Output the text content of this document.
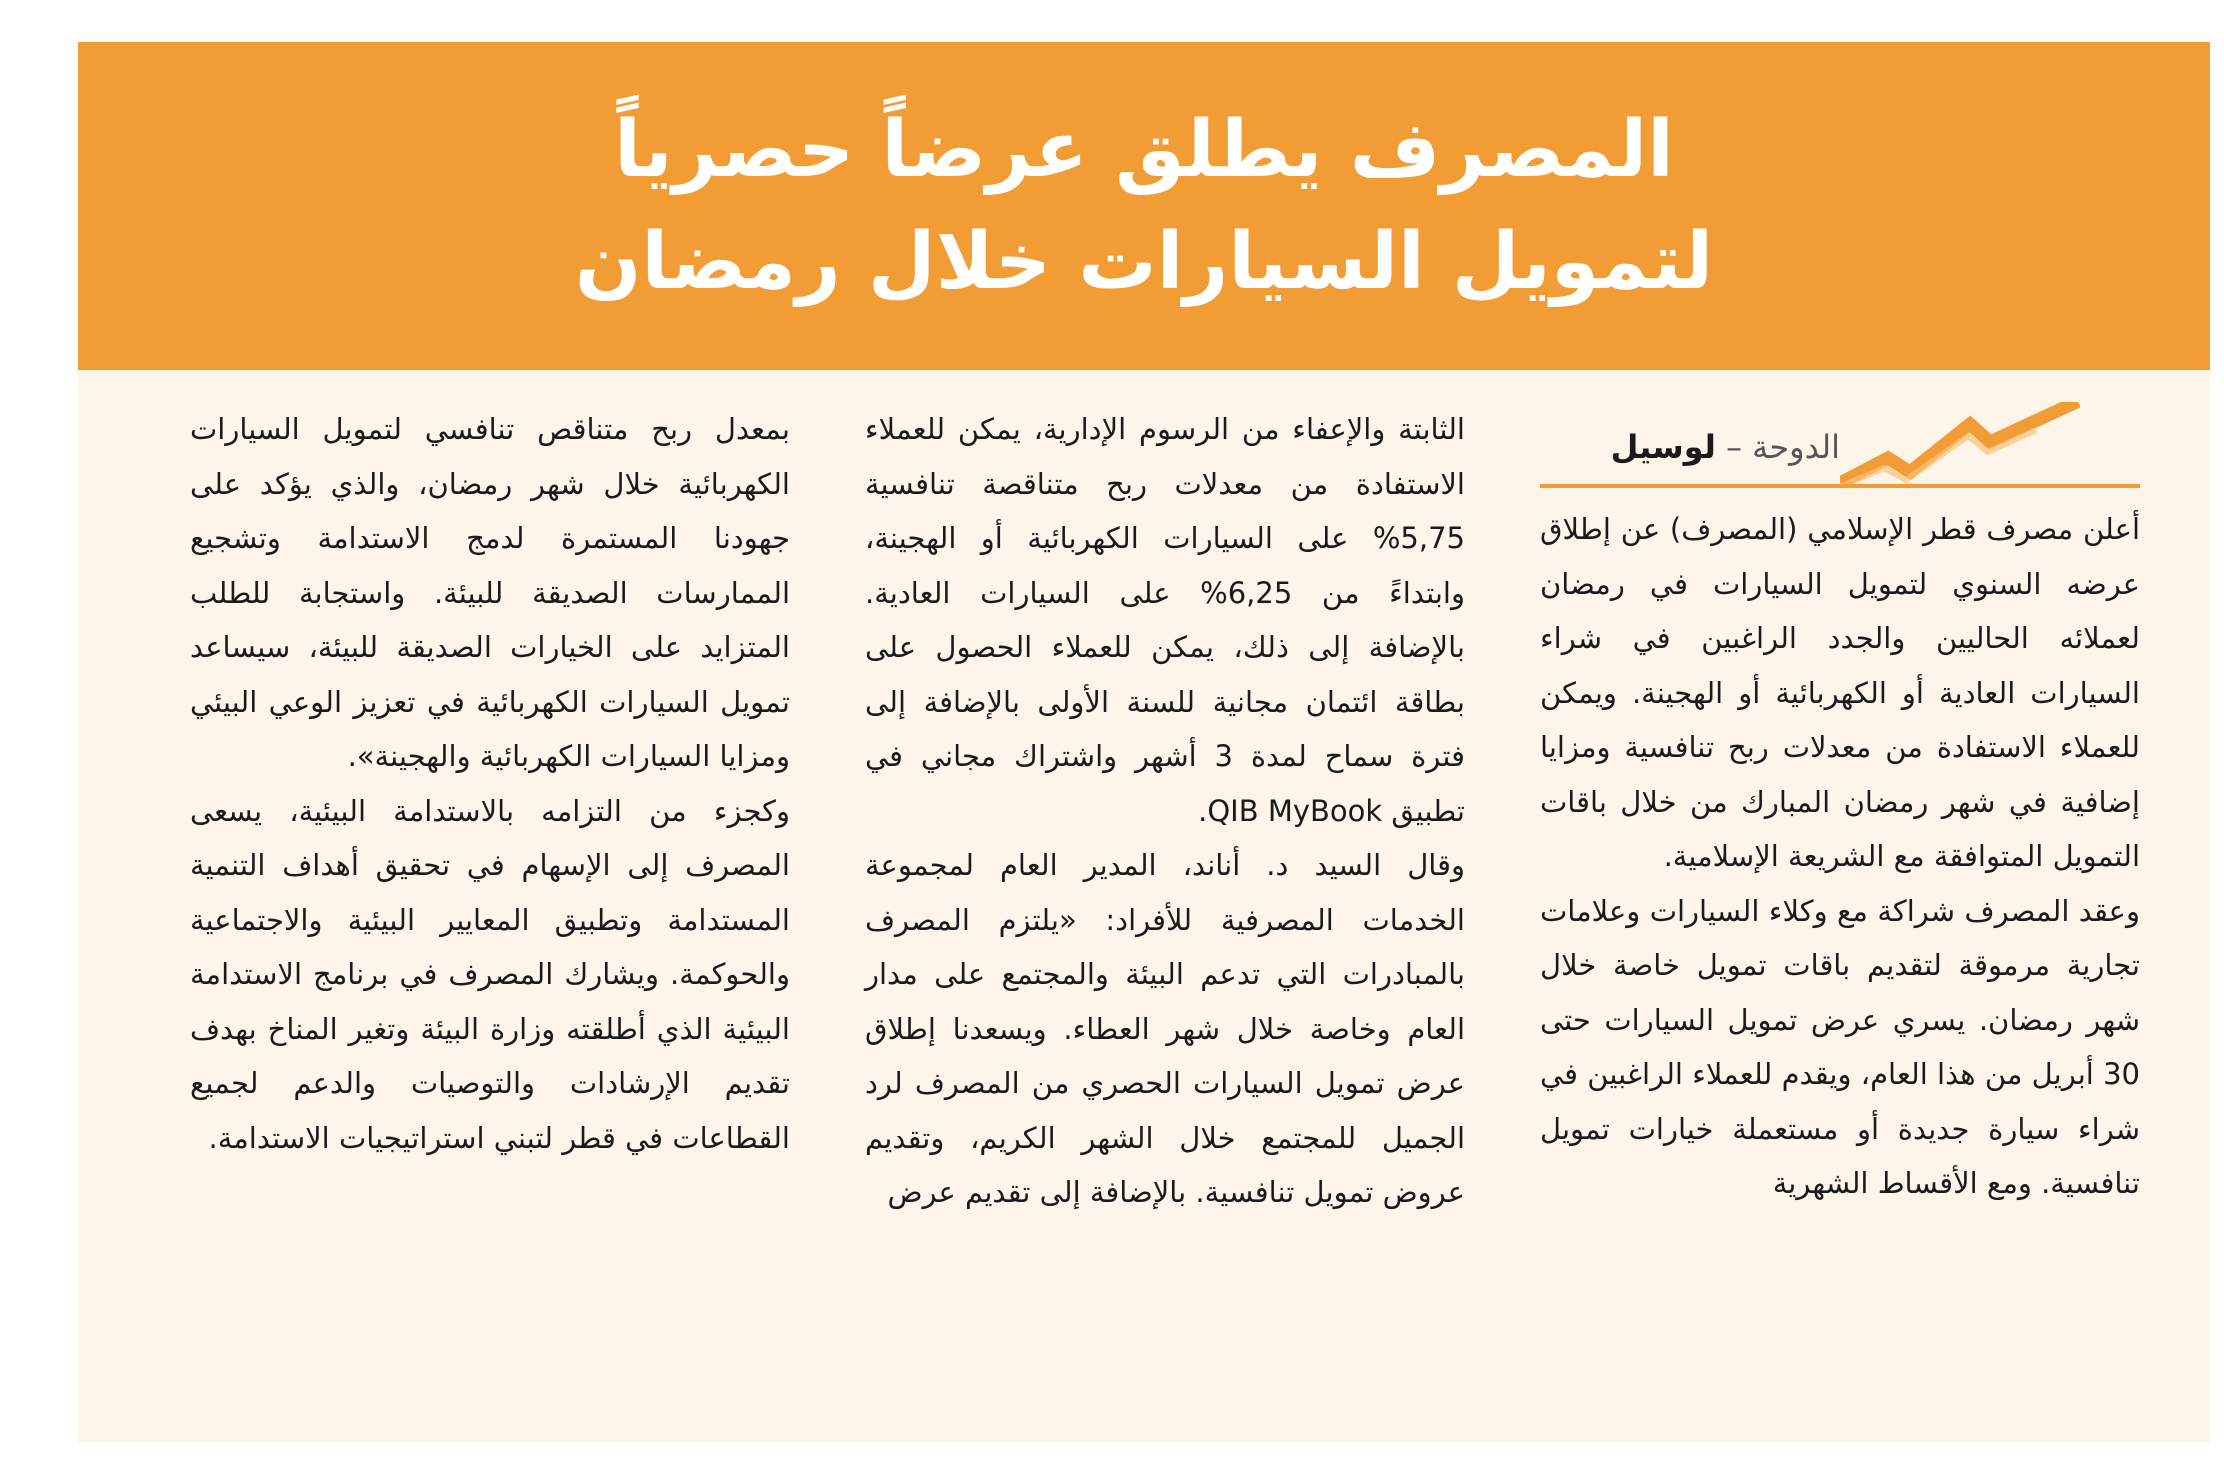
المصرف يطلق عرضاً حصرياً
لتمويل السيارات خلال رمضان
الدوحة – لوسيل

أعلن مصرف قطر الإسلامي (المصرف) عن إطلاق عرضه السنوي لتمويل السيارات في رمضان لعملائه الحاليين والجدد الراغبين في شراء السيارات العادية أو الكهربائية أو الهجينة. ويمكن للعملاء الاستفادة من معدلات ربح تنافسية ومزايا إضافية في شهر رمضان المبارك من خلال باقات التمويل المتوافقة مع الشريعة الإسلامية.

وعقد المصرف شراكة مع وكلاء السيارات وعلامات تجارية مرموقة لتقديم باقات تمويل خاصة خلال شهر رمضان. يسري عرض تمويل السيارات حتى 30 أبريل من هذا العام، ويقدم للعملاء الراغبين في شراء سيارة جديدة أو مستعملة خيارات تمويل تنافسية. ومع الأقساط الشهرية

الثابتة والإعفاء من الرسوم الإدارية، يمكن للعملاء الاستفادة من معدلات ربح متناقصة تنافسية 5,75% على السيارات الكهربائية أو الهجينة، وابتداءً من 6,25% على السيارات العادية. بالإضافة إلى ذلك، يمكن للعملاء الحصول على بطاقة ائتمان مجانية للسنة الأولى بالإضافة إلى فترة سماح لمدة 3 أشهر واشتراك مجاني في تطبيق QIB MyBook.

وقال السيد د. أناند، المدير العام لمجموعة الخدمات المصرفية للأفراد: «يلتزم المصرف بالمبادرات التي تدعم البيئة والمجتمع على مدار العام وخاصة خلال شهر العطاء. ويسعدنا إطلاق عرض تمويل السيارات الحصري من المصرف لرد الجميل للمجتمع خلال الشهر الكريم، وتقديم عروض تمويل تنافسية. بالإضافة إلى تقديم عرض

بمعدل ربح متناقص تنافسي لتمويل السيارات الكهربائية خلال شهر رمضان، والذي يؤكد على جهودنا المستمرة لدمج الاستدامة وتشجيع الممارسات الصديقة للبيئة. واستجابة للطلب المتزايد على الخيارات الصديقة للبيئة، سيساعد تمويل السيارات الكهربائية في تعزيز الوعي البيئي ومزايا السيارات الكهربائية والهجينة».

وكجزء من التزامه بالاستدامة البيئية، يسعى المصرف إلى الإسهام في تحقيق أهداف التنمية المستدامة وتطبيق المعايير البيئية والاجتماعية والحوكمة. ويشارك المصرف في برنامج الاستدامة البيئية الذي أطلقته وزارة البيئة وتغير المناخ بهدف تقديم الإرشادات والتوصيات والدعم لجميع القطاعات في قطر لتبني استراتيجيات الاستدامة.
